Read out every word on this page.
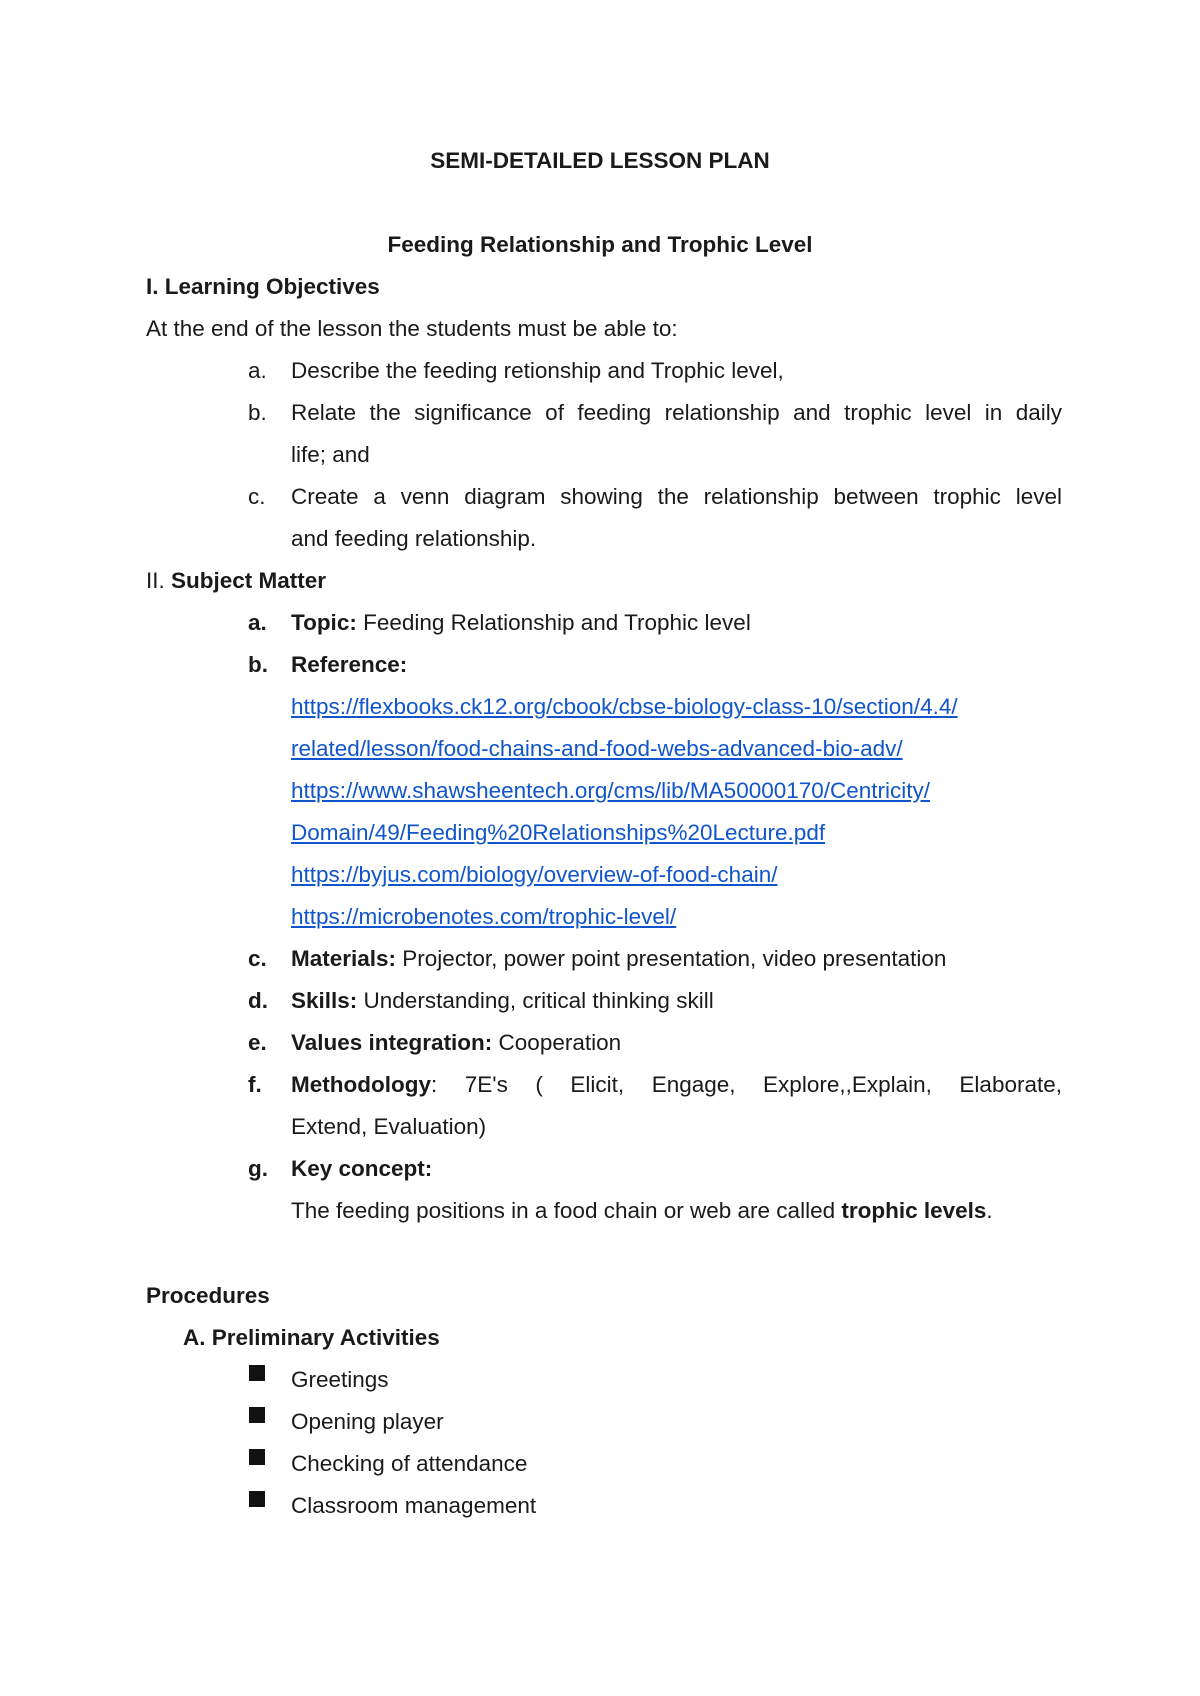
SEMI-DETAILED LESSON PLAN
Feeding Relationship and Trophic Level
I. Learning Objectives
At the end of the lesson the students must be able to:
a. Describe the feeding retionship and Trophic level,
b. Relate the significance of feeding relationship and trophic level in daily
life; and
c. Create a venn diagram showing the relationship between trophic level
and feeding relationship.
II. Subject Matter
a. Topic: Feeding Relationship and Trophic level
b. Reference:
https://flexbooks.ck12.org/cbook/cbse-biology-class-10/section/4.4/
related/lesson/food-chains-and-food-webs-advanced-bio-adv/
https://www.shawsheentech.org/cms/lib/MA50000170/Centricity/
Domain/49/Feeding%20Relationships%20Lecture.pdf
https://byjus.com/biology/overview-of-food-chain/
https://microbenotes.com/trophic-level/
c. Materials: Projector, power point presentation, video presentation
d. Skills: Understanding, critical thinking skill
e. Values integration: Cooperation
f. Methodology: 7E's ( Elicit, Engage, Explore,,Explain, Elaborate,
Extend, Evaluation)
g. Key concept:
The feeding positions in a food chain or web are called trophic levels.
Procedures
A. Preliminary Activities
Greetings
Opening player
Checking of attendance
Classroom management
